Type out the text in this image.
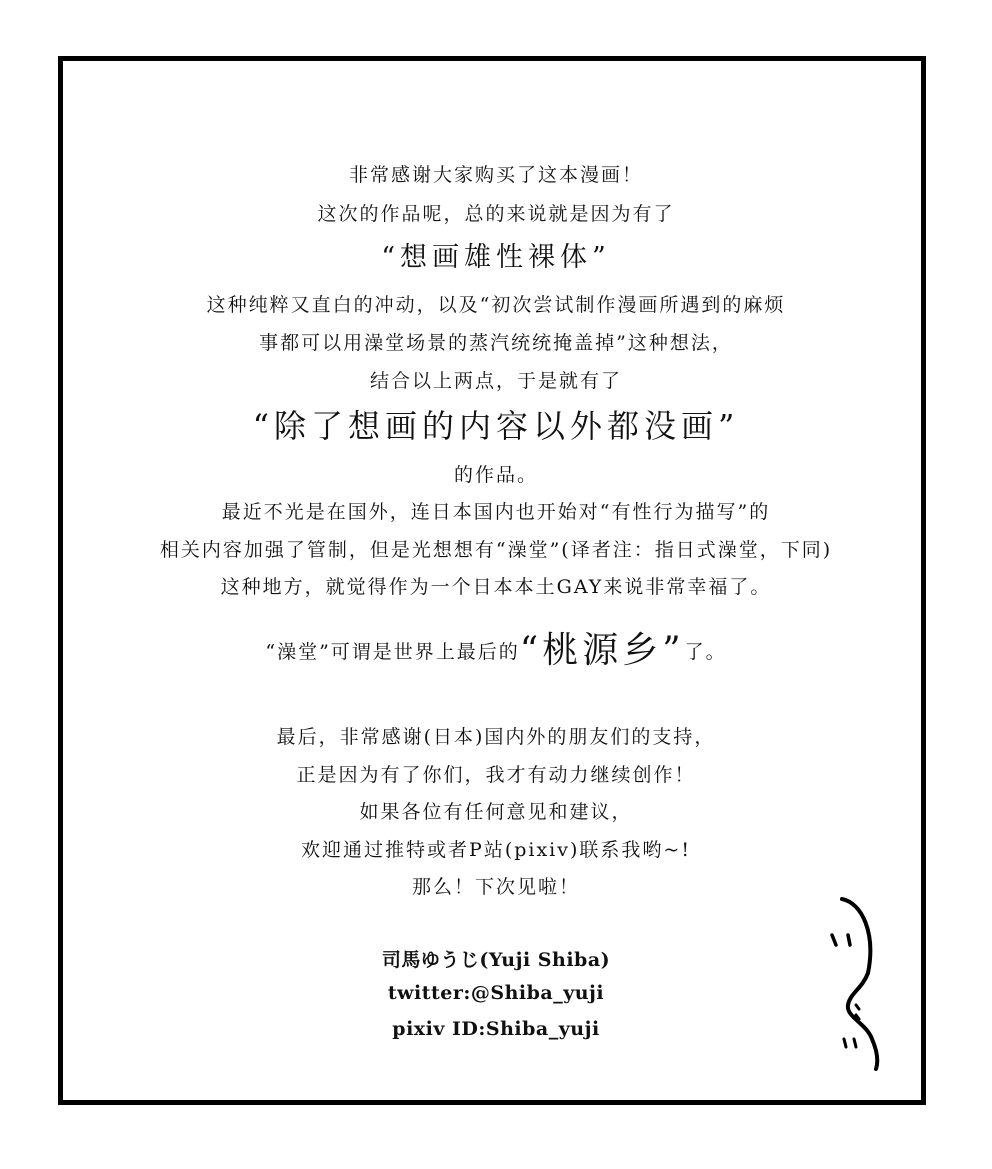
非常感谢大家购买了这本漫画！
这次的作品呢，总的来说就是因为有了
“想画雄性裸体”
这种纯粹又直白的冲动，以及“初次尝试制作漫画所遇到的麻烦
事都可以用澡堂场景的蒸汽统统掩盖掉”这种想法，
结合以上两点，于是就有了
“除了想画的内容以外都没画”
的作品。
最近不光是在国外，连日本国内也开始对“有性行为描写”的
相关内容加强了管制，但是光想想有“澡堂”(译者注：指日式澡堂，下同)
这种地方，就觉得作为一个日本本土GAY来说非常幸福了。
“澡堂”可谓是世界上最后的“桃源乡”了。
最后，非常感谢(日本)国内外的朋友们的支持，
正是因为有了你们，我才有动力继续创作！
如果各位有任何意见和建议，
欢迎通过推特或者P站(pixiv)联系我哟~!
那么！下次见啦！
司馬ゆうじ(Yuji Shiba)
twitter:@Shiba_yuji
pixiv ID:Shiba_yuji
